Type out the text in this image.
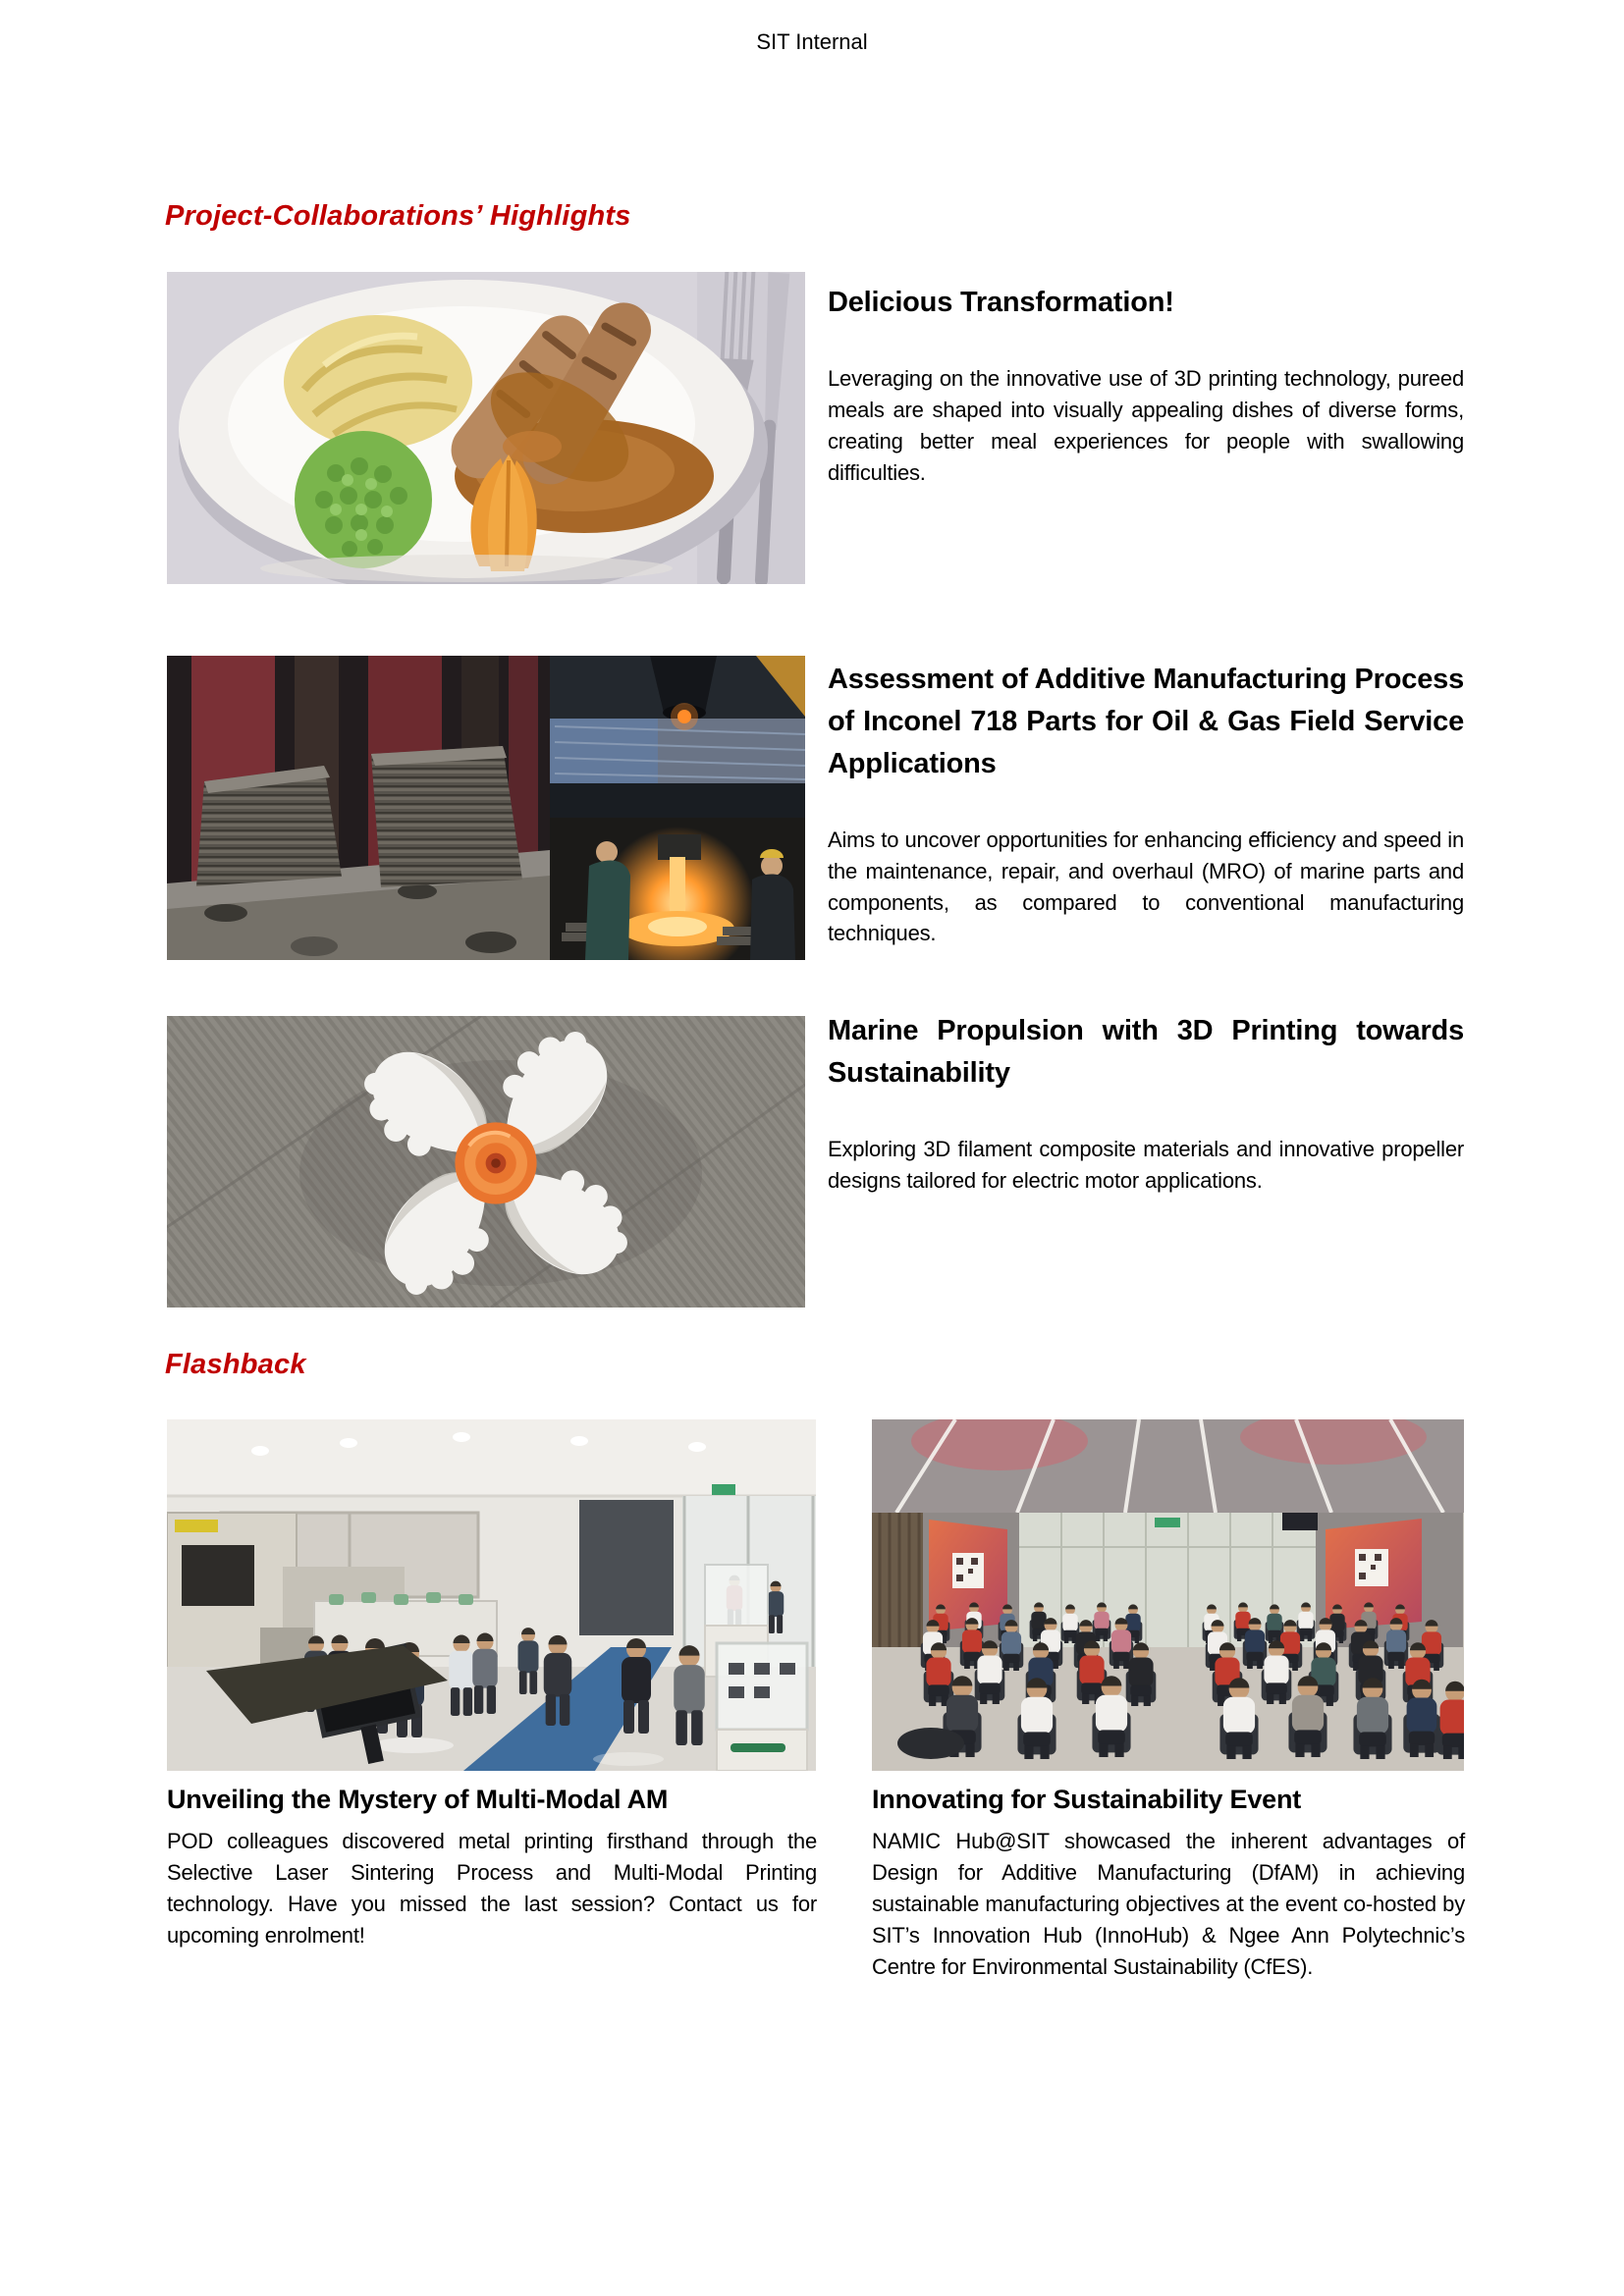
SIT Internal
Project-Collaborations’ Highlights
Delicious Transformation!

Leveraging on the innovative use of 3D printing technology, pureed meals are shaped into visually appealing dishes of diverse forms, creating better meal experiences for people with swallowing difficulties.

Assessment of Additive Manufacturing Process of Inconel 718 Parts for Oil & Gas Field Service Applications

Aims to uncover opportunities for enhancing efficiency and speed in the maintenance, repair, and overhaul (MRO) of marine parts and components, as compared to conventional manufacturing techniques.

Marine Propulsion with 3D Printing towards Sustainability

Exploring 3D filament composite materials and innovative propeller designs tailored for electric motor applications.

Flashback
Unveiling the Mystery of Multi-Modal AM

POD colleagues discovered metal printing firsthand through the Selective Laser Sintering Process and Multi-Modal Printing technology. Have you missed the last session? Contact us for upcoming enrolment!

Innovating for Sustainability Event

NAMIC Hub@SIT showcased the inherent advantages of Design for Additive Manufacturing (DfAM) in achieving sustainable manufacturing objectives at the event co-hosted by SIT’s Innovation Hub (InnoHub) & Ngee Ann Polytechnic’s Centre for Environmental Sustainability (CfES).
